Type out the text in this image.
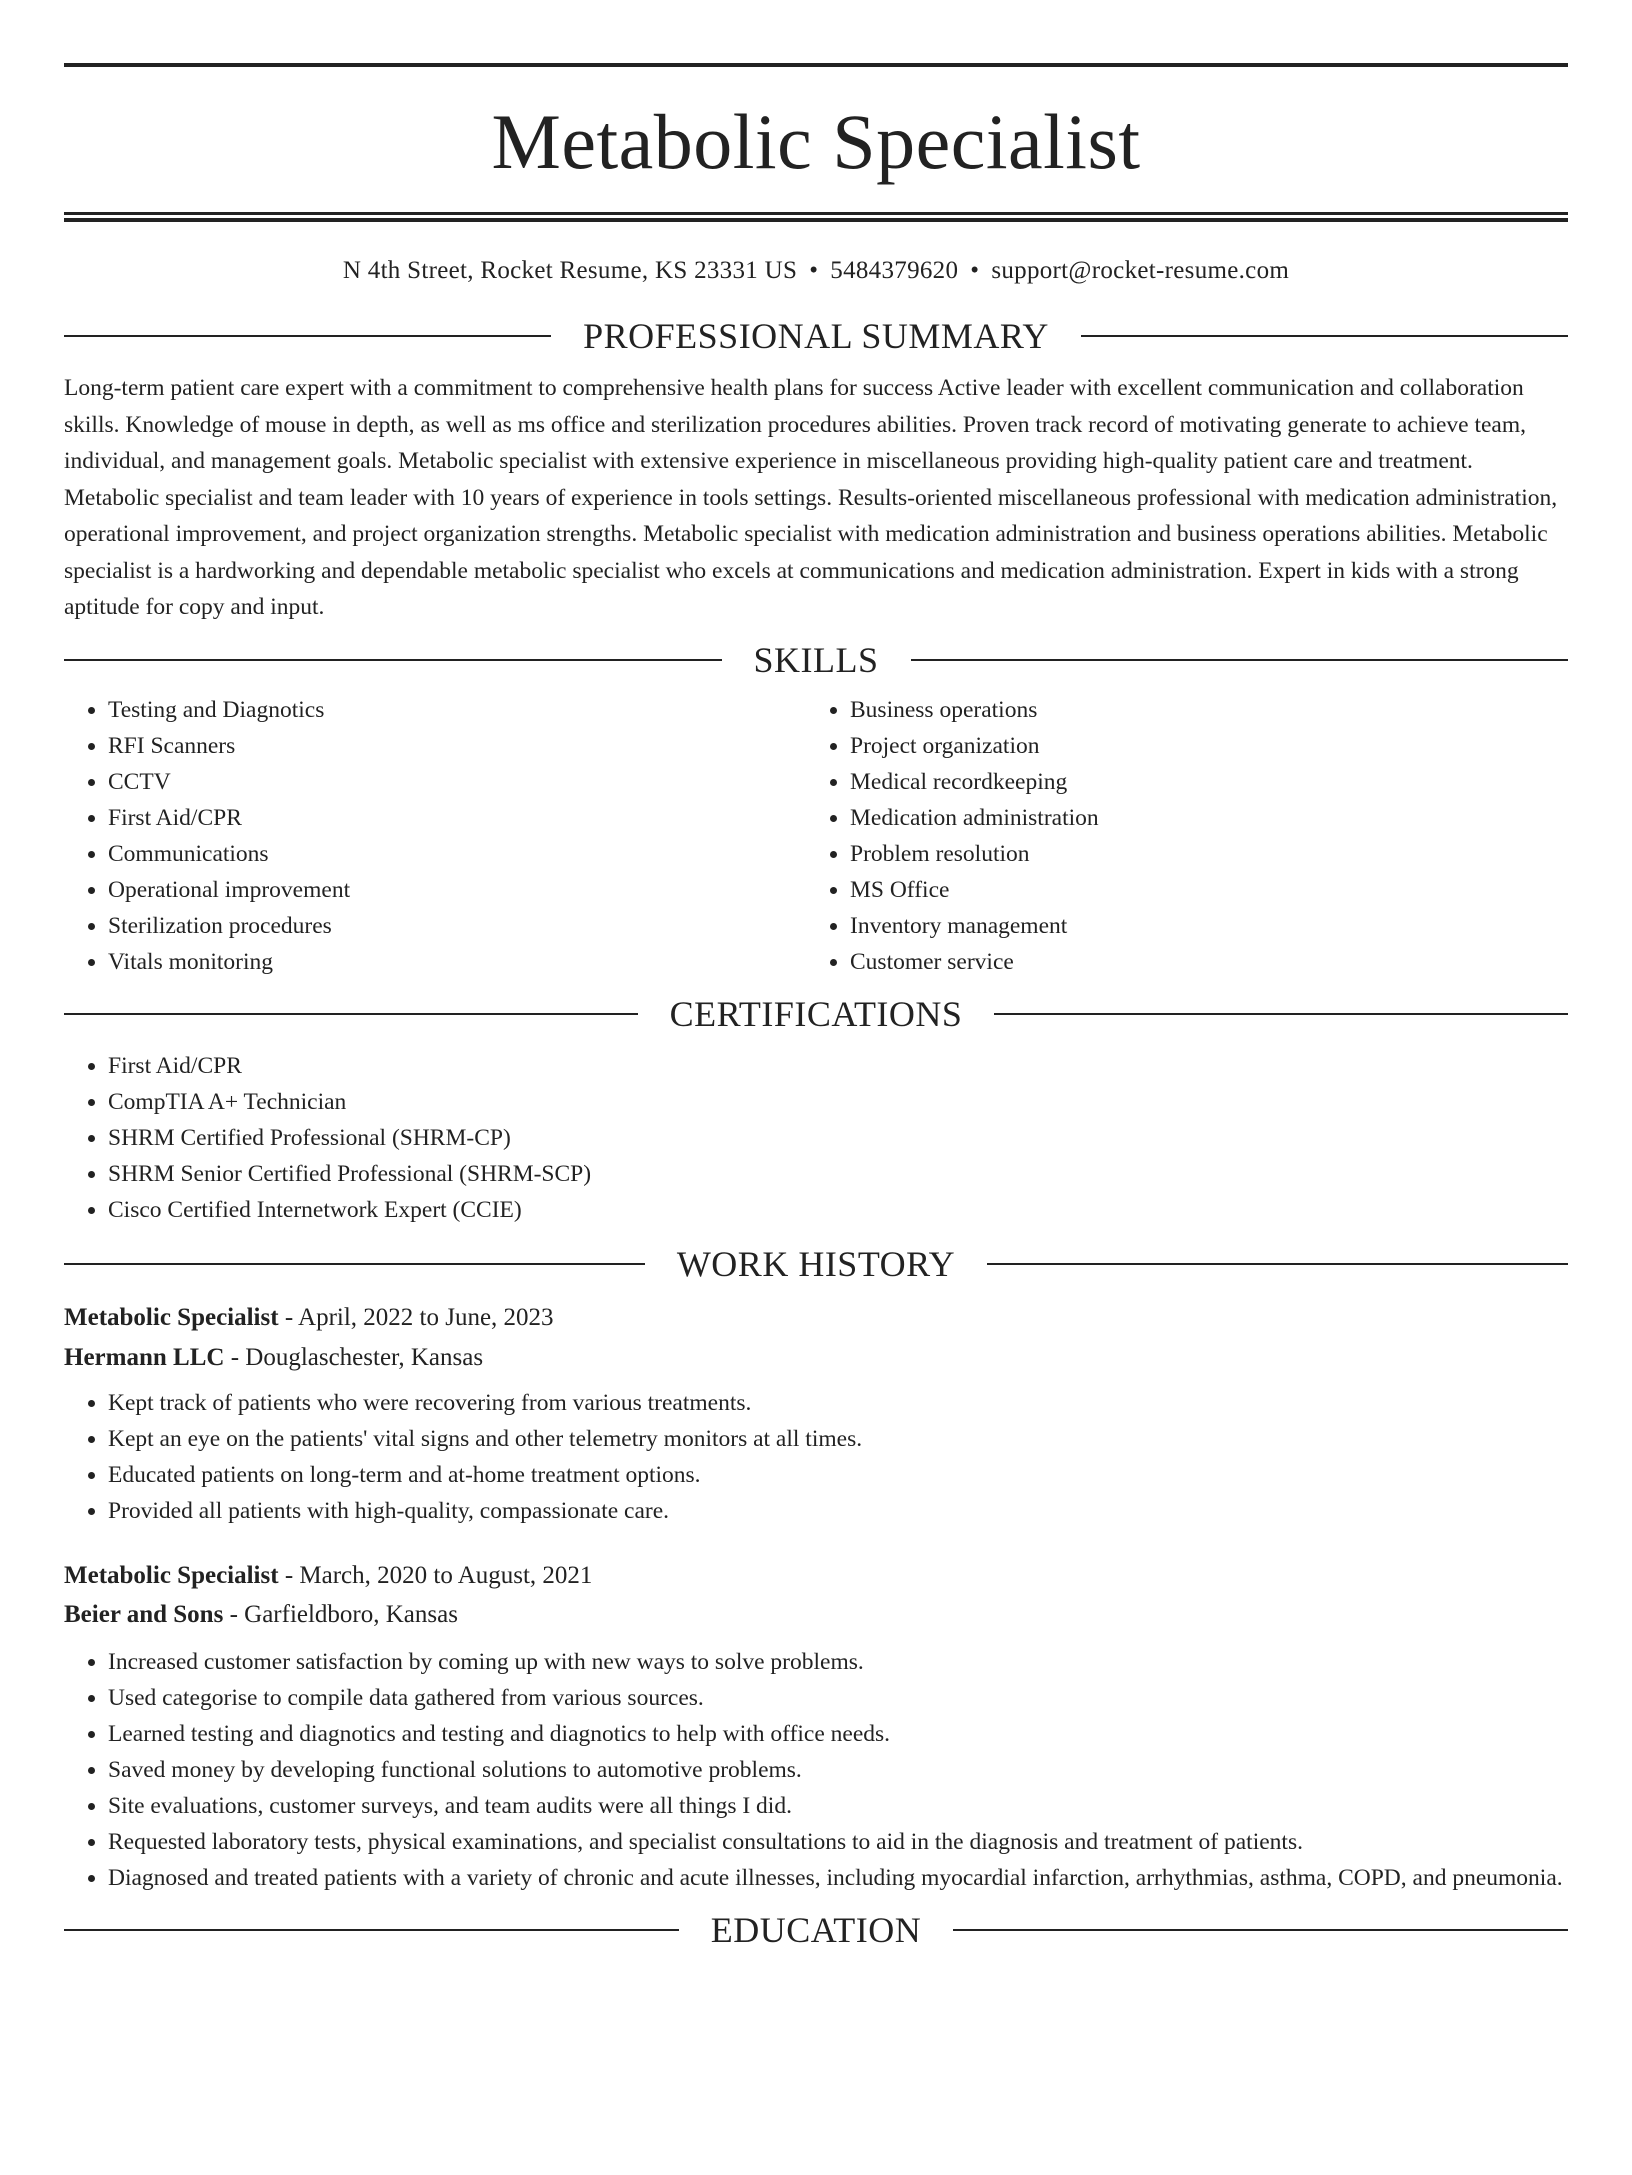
Metabolic Specialist
N 4th Street, Rocket Resume, KS 23331 US • 5484379620 • support@rocket-resume.com
PROFESSIONAL SUMMARY

Long-term patient care expert with a commitment to comprehensive health plans for success Active leader with excellent communication and collaboration skills. Knowledge of mouse in depth, as well as ms office and sterilization procedures abilities. Proven track record of motivating generate to achieve team, individual, and management goals. Metabolic specialist with extensive experience in miscellaneous providing high-quality patient care and treatment. Metabolic specialist and team leader with 10 years of experience in tools settings. Results-oriented miscellaneous professional with medication administration, operational improvement, and project organization strengths. Metabolic specialist with medication administration and business operations abilities. Metabolic specialist is a hardworking and dependable metabolic specialist who excels at communications and medication administration. Expert in kids with a strong aptitude for copy and input.

SKILLS
• Testing and Diagnotics
• RFI Scanners
• CCTV
• First Aid/CPR
• Communications
• Operational improvement
• Sterilization procedures
• Vitals monitoring
• Business operations
• Project organization
• Medical recordkeeping
• Medication administration
• Problem resolution
• MS Office
• Inventory management
• Customer service
CERTIFICATIONS
• First Aid/CPR
• CompTIA A+ Technician
• SHRM Certified Professional (SHRM-CP)
• SHRM Senior Certified Professional (SHRM-SCP)
• Cisco Certified Internetwork Expert (CCIE)
WORK HISTORY
Metabolic Specialist - April, 2022 to June, 2023
Hermann LLC - Douglaschester, Kansas
• Kept track of patients who were recovering from various treatments.
• Kept an eye on the patients' vital signs and other telemetry monitors at all times.
• Educated patients on long-term and at-home treatment options.
• Provided all patients with high-quality, compassionate care.
Metabolic Specialist - March, 2020 to August, 2021
Beier and Sons - Garfieldboro, Kansas
• Increased customer satisfaction by coming up with new ways to solve problems.
• Used categorise to compile data gathered from various sources.
• Learned testing and diagnotics and testing and diagnotics to help with office needs.
• Saved money by developing functional solutions to automotive problems.
• Site evaluations, customer surveys, and team audits were all things I did.
• Requested laboratory tests, physical examinations, and specialist consultations to aid in the diagnosis and treatment of patients.
• Diagnosed and treated patients with a variety of chronic and acute illnesses, including myocardial infarction, arrhythmias, asthma, COPD, and pneumonia.
EDUCATION
